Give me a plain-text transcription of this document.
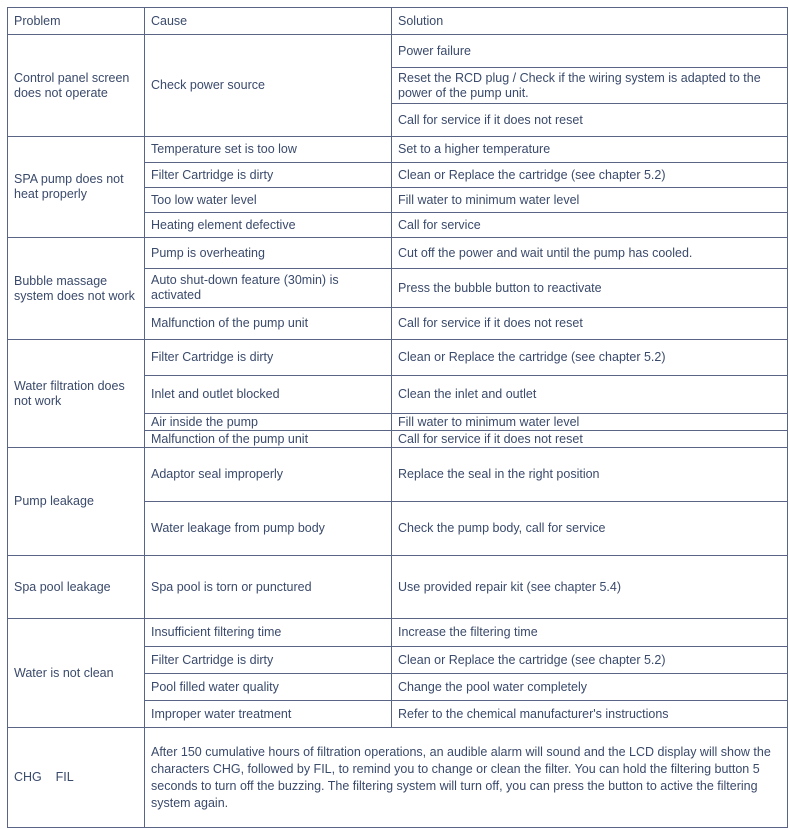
Problem	Cause	Solution
Control panel screen does not operate	Check power source	Power failure
		Reset the RCD plug / Check if the wiring system is adapted to the power of the pump unit.
		Call for service if it does not reset
SPA pump does not heat properly	Temperature set is too low	Set to a higher temperature
	Filter Cartridge is dirty	Clean or Replace the cartridge (see chapter 5.2)
	Too low water level	Fill water to minimum water level
	Heating element defective	Call for service
Bubble massage system does not work	Pump is overheating	Cut off the power and wait until the pump has cooled.
	Auto shut-down feature (30min) is activated	Press the bubble button to reactivate
	Malfunction of the pump unit	Call for service if it does not reset
Water filtration does not work	Filter Cartridge is dirty	Clean or Replace the cartridge (see chapter 5.2)
	Inlet and outlet blocked	Clean the inlet and outlet
	Air inside the pump	Fill water to minimum water level
	Malfunction of the pump unit	Call for service if it does not reset
Pump leakage	Adaptor seal improperly	Replace the seal in the right position
	Water leakage from pump body	Check the pump body, call for service
Spa pool leakage	Spa pool is torn or punctured	Use provided repair kit (see chapter 5.4)
Water is not clean	Insufficient filtering time	Increase the filtering time
	Filter Cartridge is dirty	Clean or Replace the cartridge (see chapter 5.2)
	Pool filled water quality	Change the pool water completely
	Improper water treatment	Refer to the chemical manufacturer's instructions
CHG    FIL	After 150 cumulative hours of filtration operations, an audible alarm will sound and the LCD display will show the characters CHG, followed by FIL, to remind you to change or clean the filter. You can hold the filtering button 5 seconds to turn off the buzzing. The filtering system will turn off, you can press the button to active the filtering system again.	
